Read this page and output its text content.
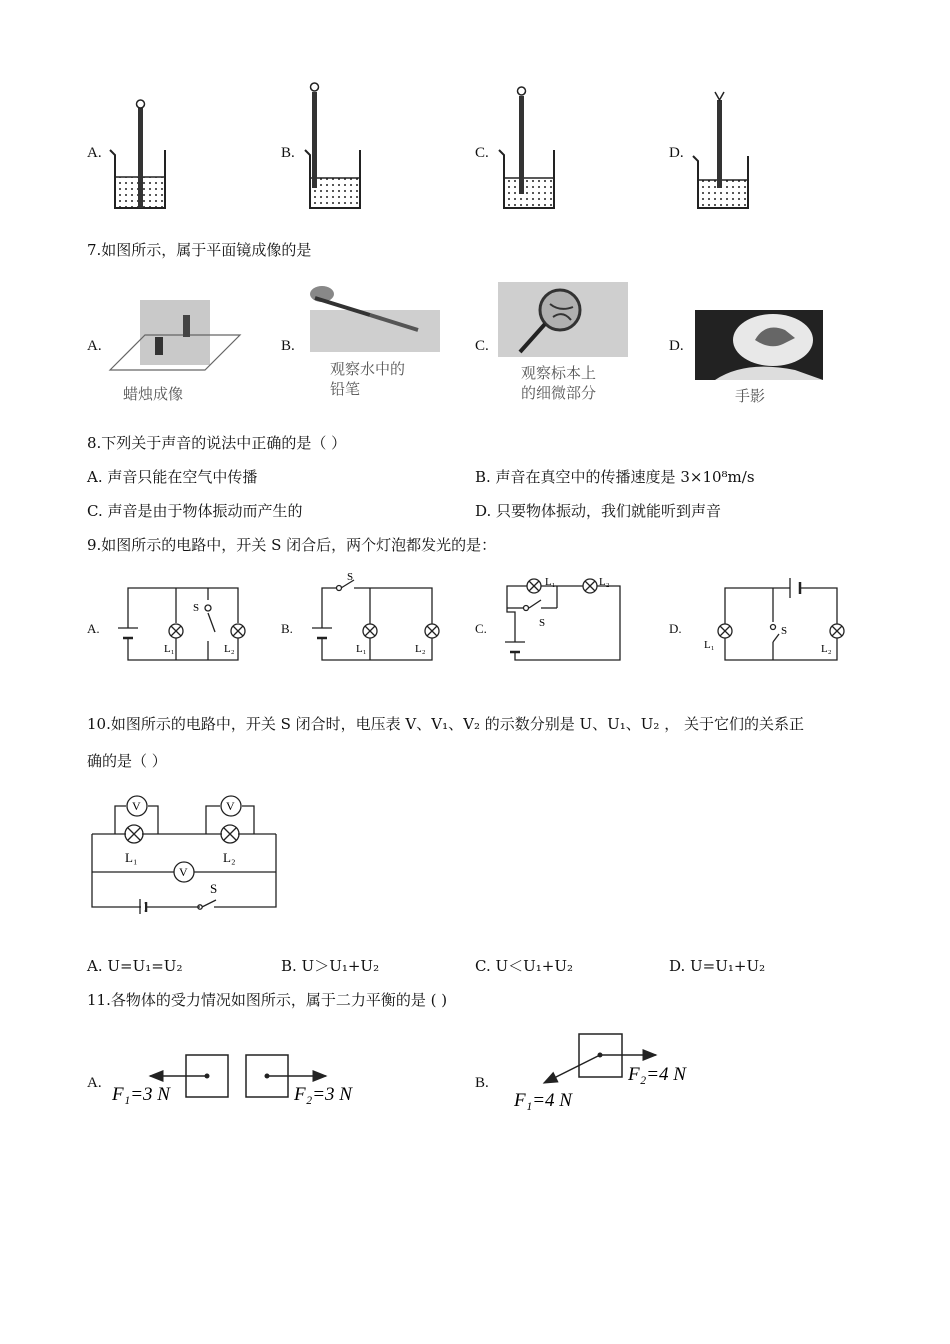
A.	B.	C.	D.
7.如图所示，属于平面镜成像的是
A.	B.	C.	D.
蜡烛成像
观察水中的
铅笔
观察标本上
的细微部分	手影
8.下列关于声音的说法中正确的是（ ）
A. 声音只能在空气中传播	B. 声音在真空中的传播速度是 3×10⁸m/s
C. 声音是由于物体振动而产生的	D. 只要物体振动，我们就能听到声音
9.如图所示的电路中，开关 S 闭合后，两个灯泡都发光的是：
A.	B.	C.	D.
S
L₁	L₂
S
L₁	L₂
S
L₁	L₂
S
L₁	L₂
10.如图所示的电路中，开关 S 闭合时，电压表 V、V₁、V₂ 的示数分别是 U、U₁、U₂ ， 关于它们的关系正
确的是（ ）
V	V
V
L₁	L₂
S
A. U=U₁=U₂	B. U＞U₁+U₂	C. U＜U₁+U₂	D. U=U₁+U₂
11.各物体的受力情况如图所示，属于二力平衡的是 ( )
A.
F₁=3 N	F₂=3 N
B.
F₁=4 N
F₂=4 N
